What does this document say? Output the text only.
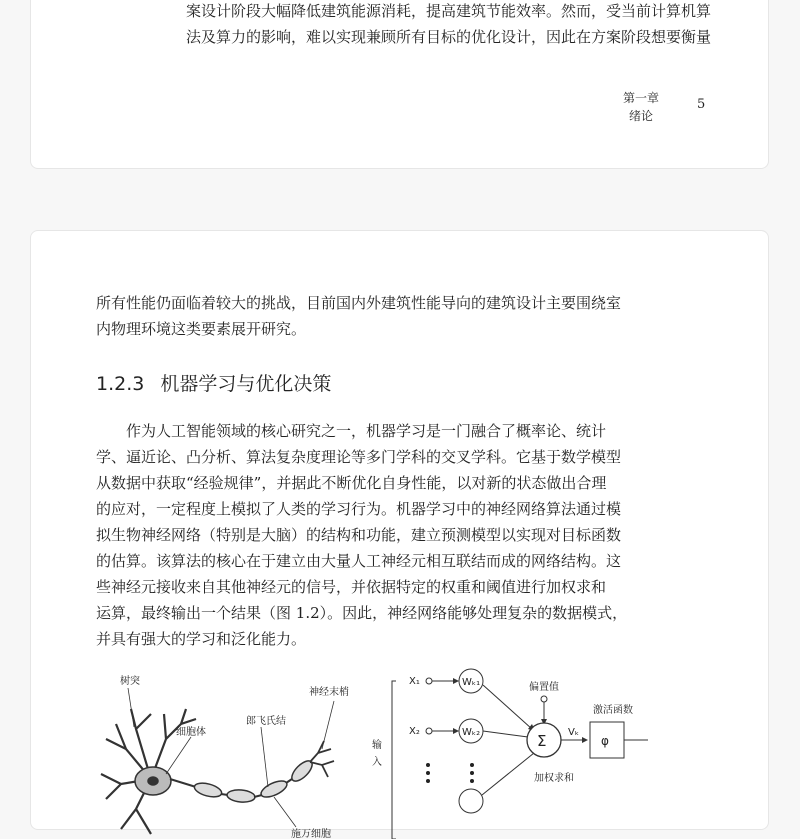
案设计阶段大幅降低建筑能源消耗，提高建筑节能效率。然而，受当前计算机算

法及算力的影响，难以实现兼顾所有目标的优化设计，因此在方案阶段想要衡量

第一章
绪论
5

所有性能仍面临着较大的挑战，目前国内外建筑性能导向的建筑设计主要围绕室

内物理环境这类要素展开研究。

1.2.3 机器学习与优化决策
作为人工智能领域的核心研究之一，机器学习是一门融合了概率论、统计
学、逼近论、凸分析、算法复杂度理论等多门学科的交叉学科。它基于数学模型
从数据中获取“经验规律”，并据此不断优化自身性能，以对新的状态做出合理
的应对，一定程度上模拟了人类的学习行为。机器学习中的神经网络算法通过模
拟生物神经网络（特别是大脑）的结构和功能，建立预测模型以实现对目标函数
的估算。该算法的核心在于建立由大量人工神经元相互联结而成的网络结构。这
些神经元接收来自其他神经元的信号，并依据特定的权重和阈值进行加权求和
运算，最终输出一个结果（图 1.2）。因此，神经网络能够处理复杂的数据模式，
并具有强大的学习和泛化能力。
树突
细胞体
郎飞氏结
神经末梢
施万细胞
输
入
X₁	Wₖ₁
X₂	Wₖ₂
偏置值
Σ
加权求和
Vₖ
激活函数
φ
